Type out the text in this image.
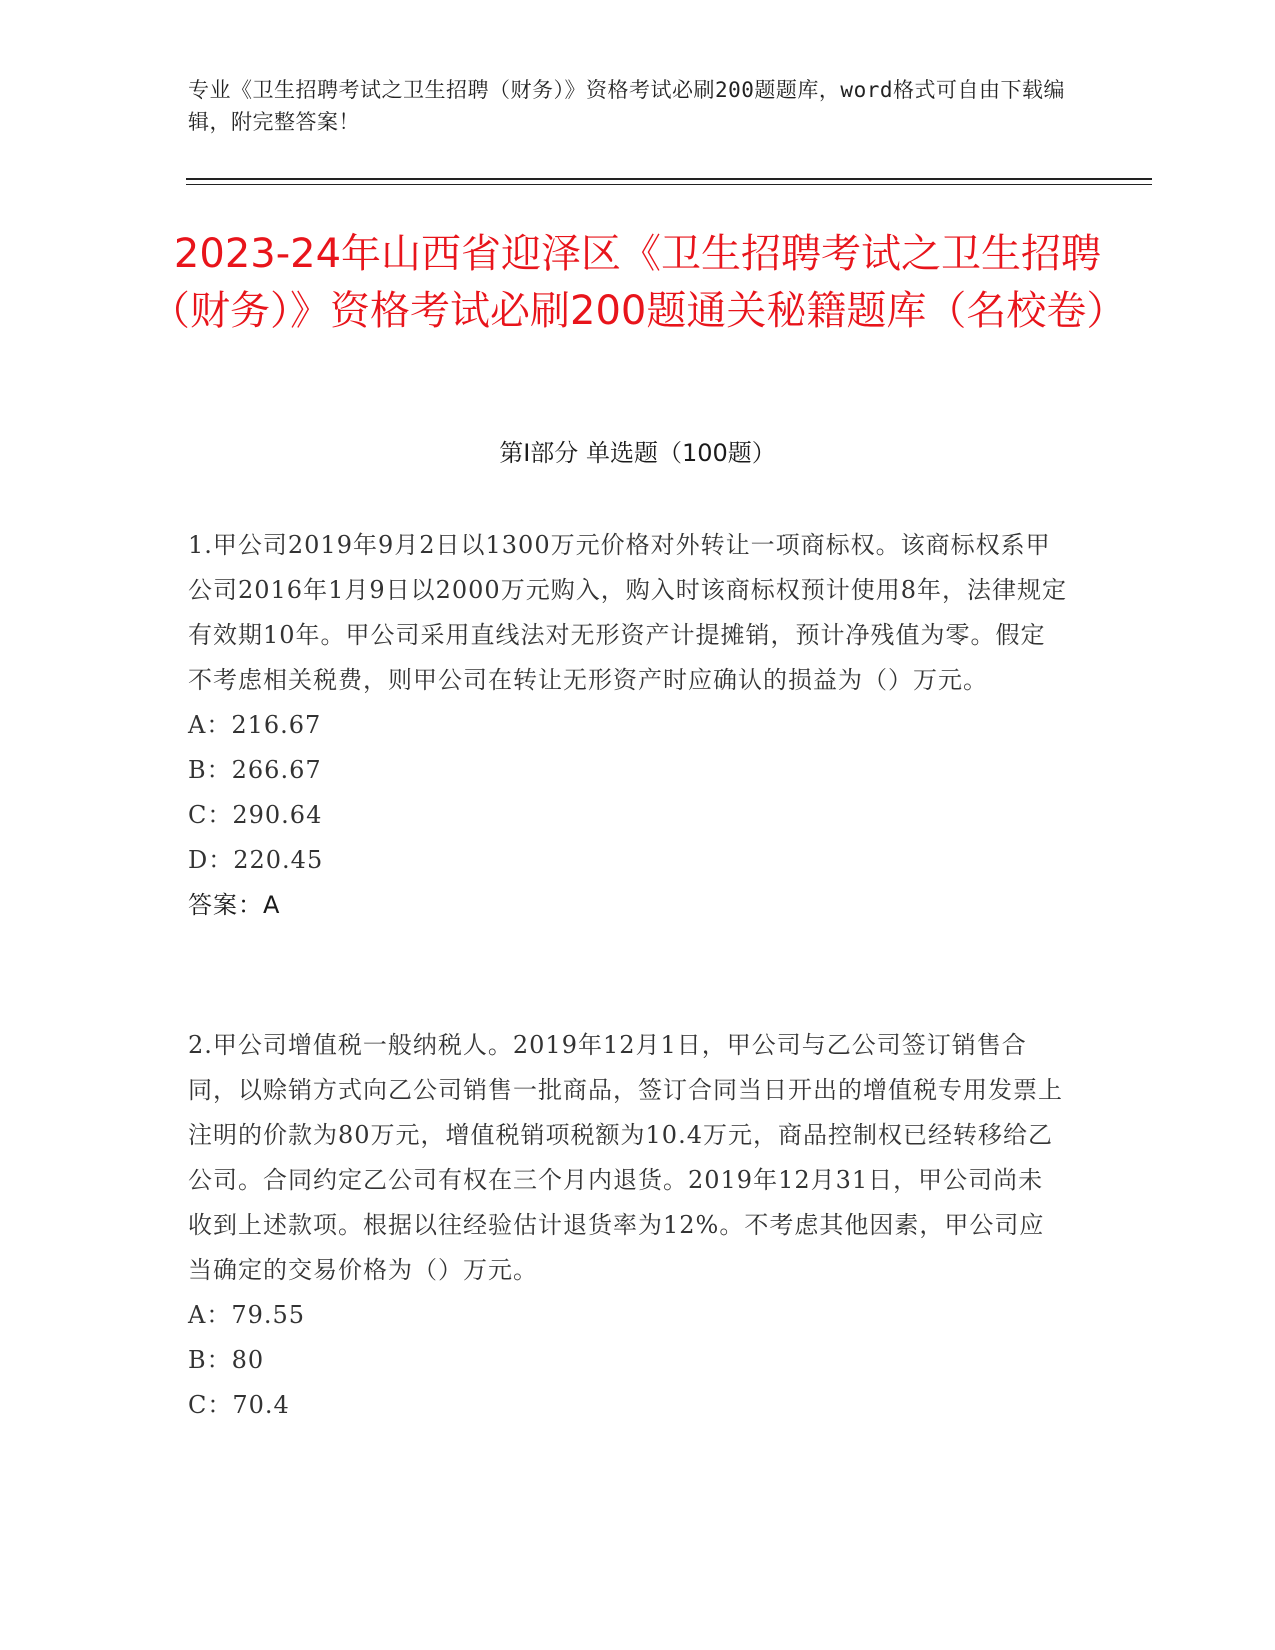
专业《卫生招聘考试之卫生招聘（财务）》资格考试必刷200题题库，word格式可自由下载编辑，附完整答案！
2023-24年山西省迎泽区《卫生招聘考试之卫生招聘（财务）》资格考试必刷200题通关秘籍题库（名校卷）
第I部分 单选题（100题）

1.甲公司2019年9月2日以1300万元价格对外转让一项商标权。该商标权系甲公司2016年1月9日以2000万元购入，购入时该商标权预计使用8年，法律规定有效期10年。甲公司采用直线法对无形资产计提摊销，预计净残值为零。假定不考虑相关税费，则甲公司在转让无形资产时应确认的损益为（）万元。

A：216.67

B：266.67

C：290.64

D：220.45

答案：A

2.甲公司增值税一般纳税人。2019年12月1日，甲公司与乙公司签订销售合同，以赊销方式向乙公司销售一批商品，签订合同当日开出的增值税专用发票上注明的价款为80万元，增值税销项税额为10.4万元，商品控制权已经转移给乙公司。合同约定乙公司有权在三个月内退货。2019年12月31日，甲公司尚未收到上述款项。根据以往经验估计退货率为12%。不考虑其他因素，甲公司应当确定的交易价格为（）万元。

A：79.55

B：80

C：70.4
